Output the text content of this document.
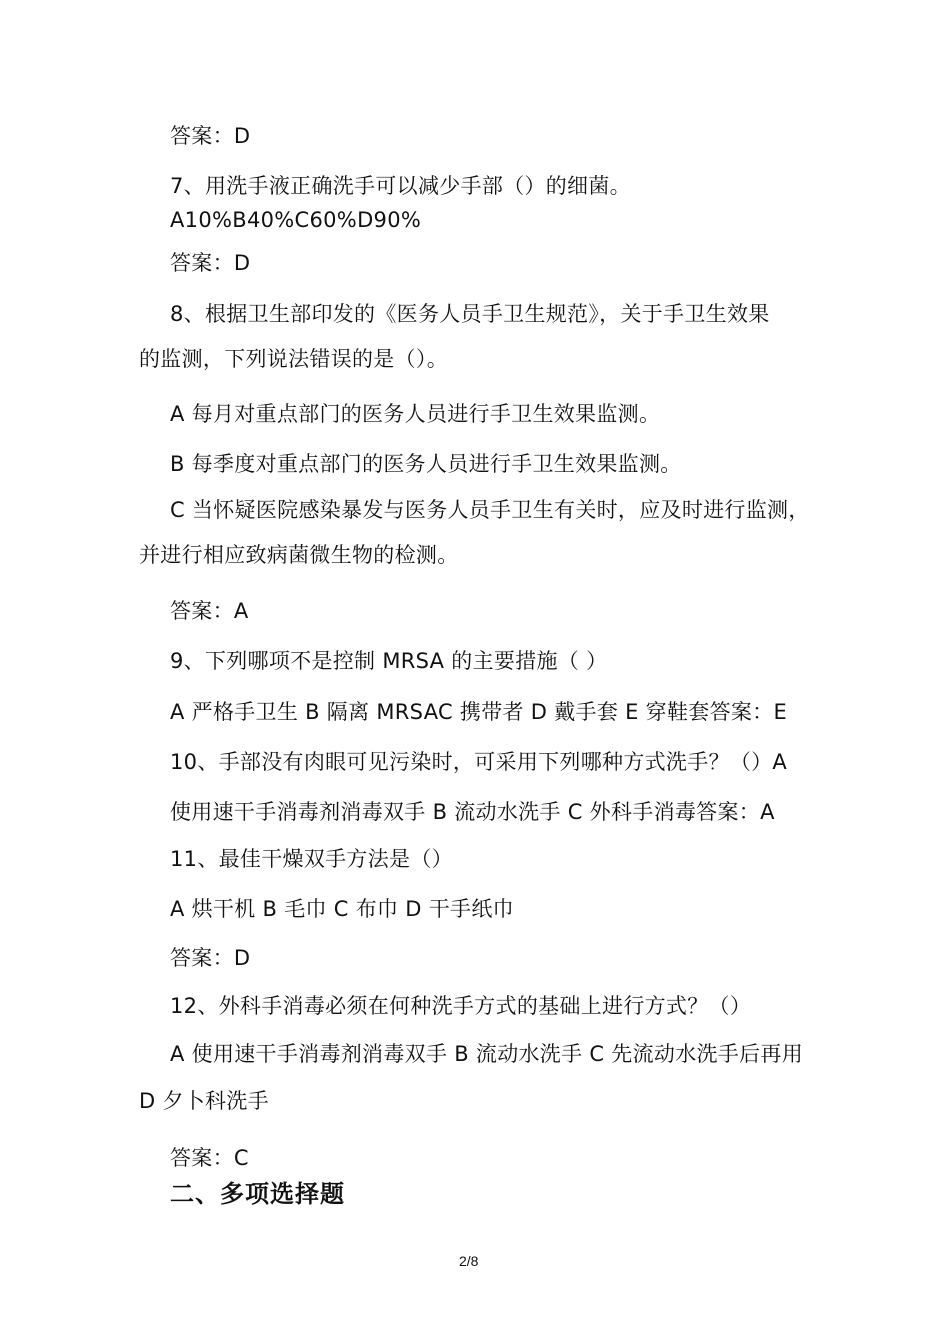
答案：D
7、用洗手液正确洗手可以减少手部（）的细菌。
A10%B40%C60%D90%
答案：D
8、根据卫生部印发的《医务人员手卫生规范》，关于手卫生效果
的监测，下列说法错误的是（）。
A 每月对重点部门的医务人员进行手卫生效果监测。
B 每季度对重点部门的医务人员进行手卫生效果监测。
C 当怀疑医院感染暴发与医务人员手卫生有关时，应及时进行监测，
并进行相应致病菌微生物的检测。
答案：A
9、下列哪项不是控制 MRSA 的主要措施（ ）
A 严格手卫生 B 隔离 MRSAC 携带者 D 戴手套 E 穿鞋套答案：E
10、手部没有肉眼可见污染时，可采用下列哪种方式洗手？（）A
使用速干手消毒剂消毒双手 B 流动水洗手 C 外科手消毒答案：A
11、最佳干燥双手方法是（）
A 烘干机 B 毛巾 C 布巾 D 干手纸巾
答案：D
12、外科手消毒必须在何种洗手方式的基础上进行方式？（）
A 使用速干手消毒剂消毒双手 B 流动水洗手 C 先流动水洗手后再用
D 夕卜科洗手
答案：C
二、多项选择题
2/8
